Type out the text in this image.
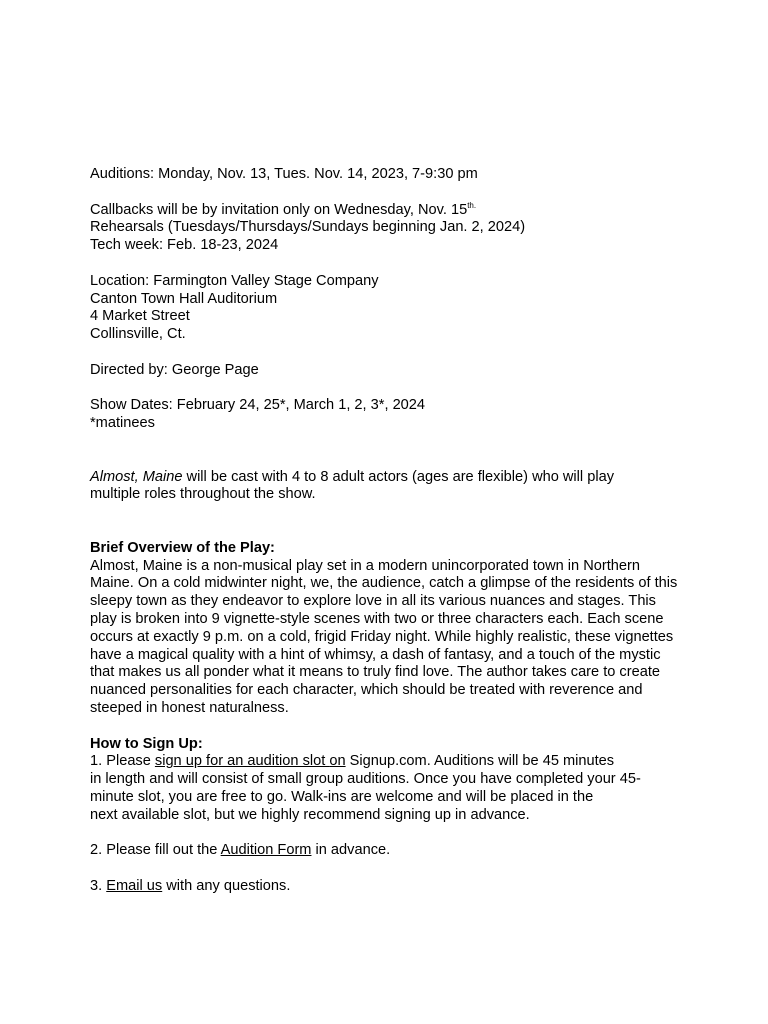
Auditions: Monday, Nov. 13, Tues. Nov. 14, 2023, 7-9:30 pm
Callbacks will be by invitation only on Wednesday, Nov. $15^{th.}$
Rehearsals (Tuesdays/Thursdays/Sundays beginning Jan. 2, 2024)
Tech week: Feb. 18-23, 2024
Location: Farmington Valley Stage Company
Canton Town Hall Auditorium
4 Market Street
Collinsville, Ct.
Directed by: George Page
Show Dates: February 24, 25*, March 1, 2, 3*, 2024
*matinees
Almost, Maine will be cast with 4 to 8 adult actors (ages are flexible) who will play multiple roles throughout the show.
Brief Overview of the Play:
Almost, Maine is a non-musical play set in a modern unincorporated town in Northern Maine. On a cold midwinter night, we, the audience, catch a glimpse of the residents of this sleepy town as they endeavor to explore love in all its various nuances and stages. This play is broken into 9 vignette-style scenes with two or three characters each. Each scene occurs at exactly 9 p.m. on a cold, frigid Friday night. While highly realistic, these vignettes have a magical quality with a hint of whimsy, a dash of fantasy, and a touch of the mystic that makes us all ponder what it means to truly find love. The author takes care to create nuanced personalities for each character, which should be treated with reverence and steeped in honest naturalness.
How to Sign Up:
1. Please sign up for an audition slot on Signup.com. Auditions will be 45 minutes
in length and will consist of small group auditions. Once you have completed your 45-
minute slot, you are free to go. Walk-ins are welcome and will be placed in the
next available slot, but we highly recommend signing up in advance.
2. Please fill out the Audition Form in advance.
3. Email us with any questions.
